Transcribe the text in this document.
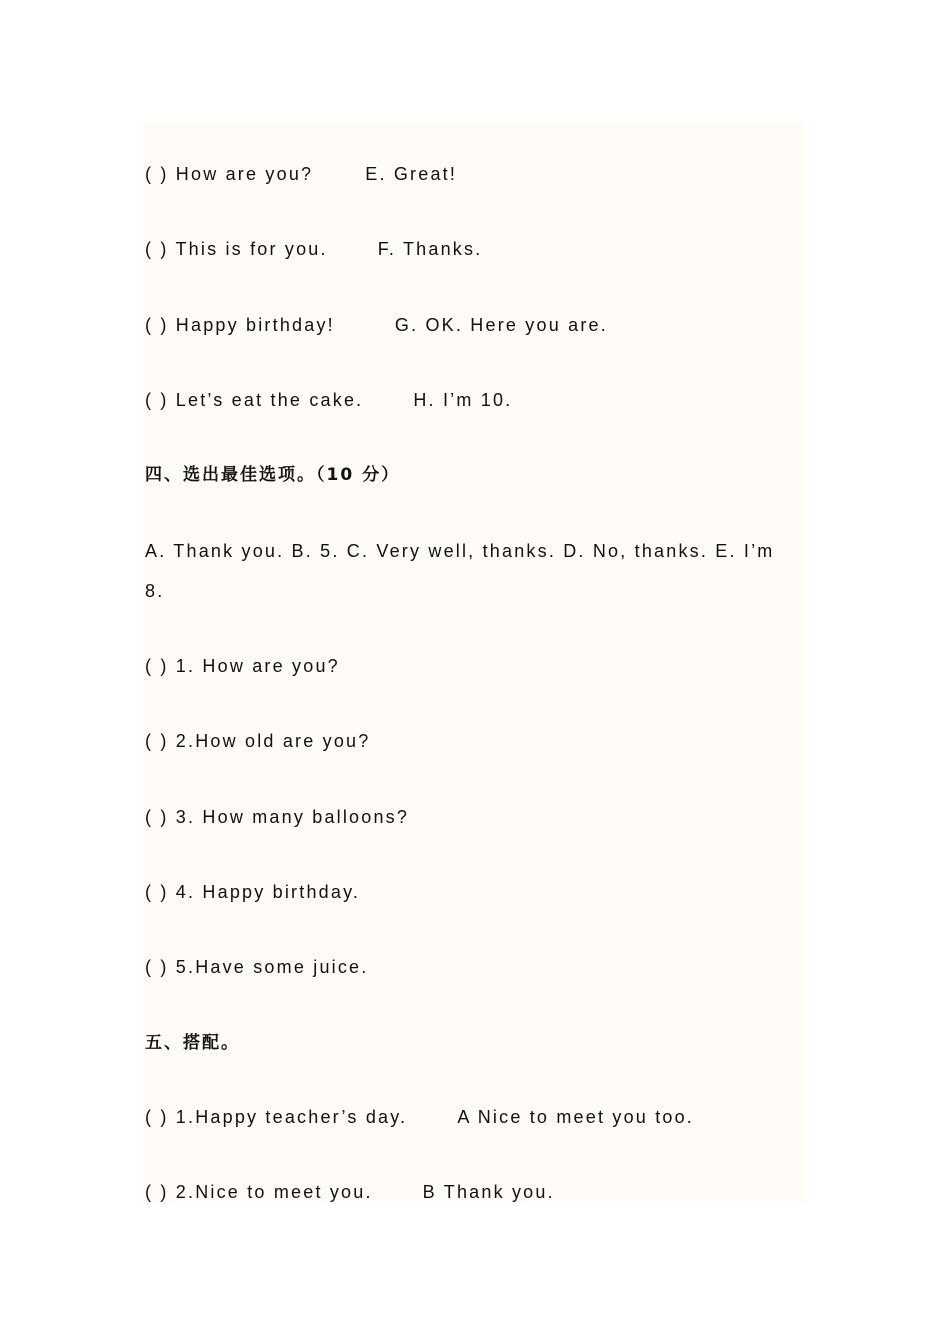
( ) How are you?	E. Great!

( ) This is for you.	F. Thanks.

( ) Happy birthday!	G. OK. Here you are.

( ) Let’s eat the cake.	H. I’m 10.

四、选出最佳选项。（10 分）

A. Thank you. B. 5. C. Very well, thanks. D. No, thanks. E. I’m 8.

( ) 1. How are you?

( ) 2.How old are you?

( ) 3. How many balloons?

( ) 4. Happy birthday.

( ) 5.Have some juice.

五、搭配。

( ) 1.Happy teacher’s day.	A Nice to meet you too.

( ) 2.Nice to meet you.	B Thank you.
